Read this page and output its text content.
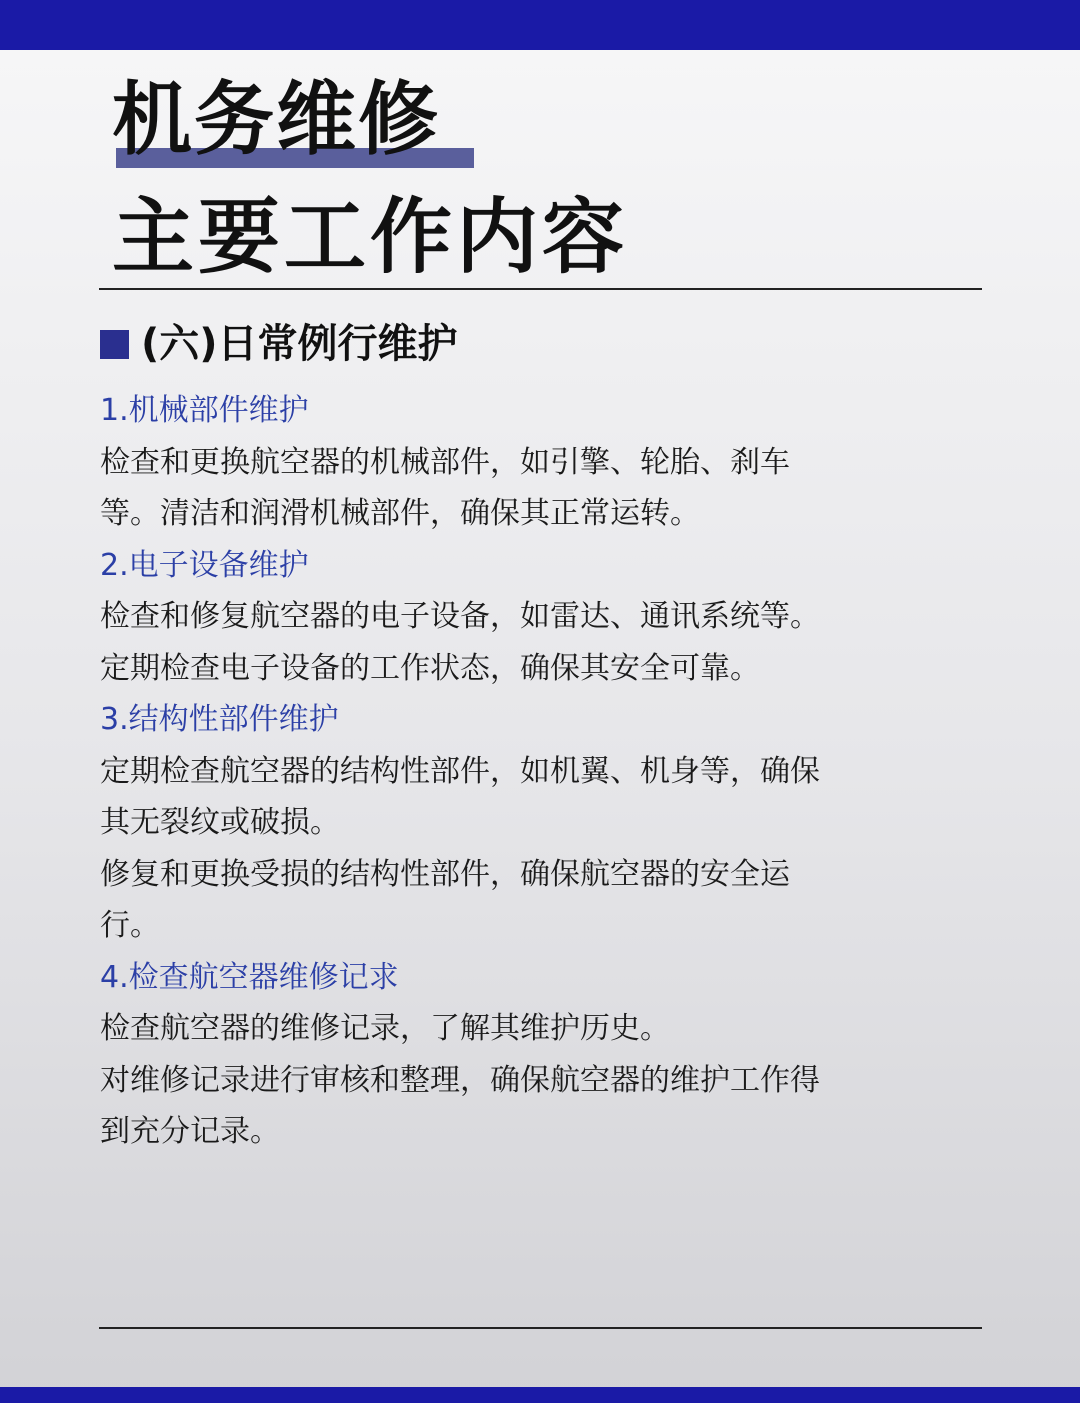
机务维修
主要工作内容
(六)日常例行维护
1.机械部件维护

检查和更换航空器的机械部件，如引擎、轮胎、刹车等。清洁和润滑机械部件，确保其正常运转。

2.电子设备维护

检查和修复航空器的电子设备，如雷达、通讯系统等。定期检查电子设备的工作状态，确保其安全可靠。

3.结构性部件维护

定期检查航空器的结构性部件，如机翼、机身等，确保其无裂纹或破损。

修复和更换受损的结构性部件，确保航空器的安全运行。

4.检查航空器维修记求

检查航空器的维修记录，了解其维护历史。

对维修记录进行审核和整理，确保航空器的维护工作得到充分记录。
